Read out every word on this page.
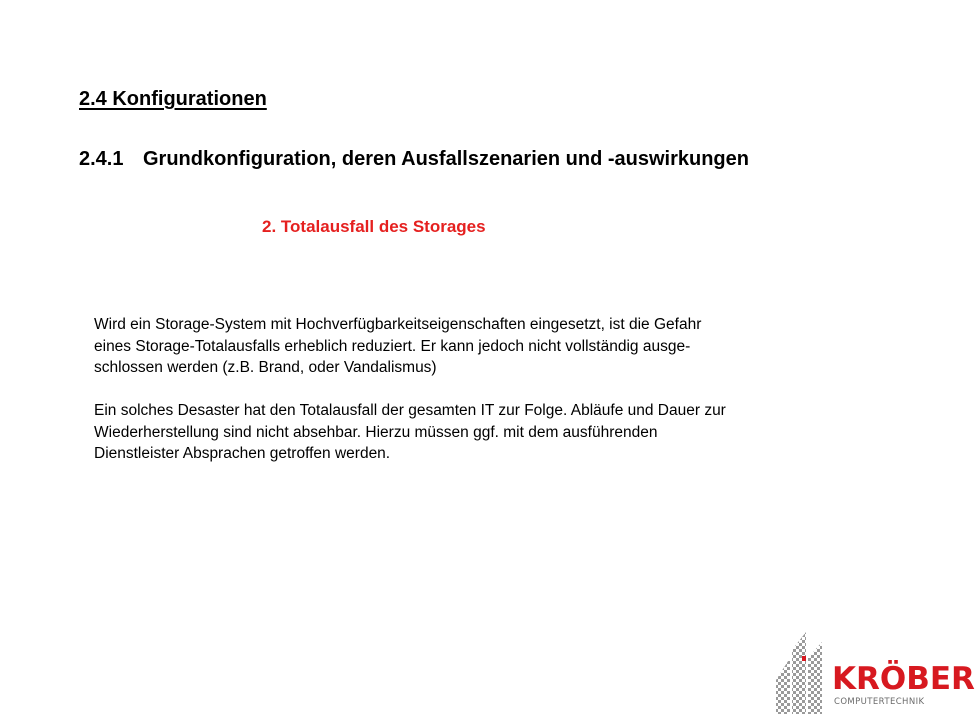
2.4 Konfigurationen
2.4.1 Grundkonfiguration, deren Ausfallszenarien und -auswirkungen
2. Totalausfall des Storages

Wird ein Storage-System mit Hochverfügbarkeitseigenschaften eingesetzt, ist die Gefahr
eines Storage-Totalausfalls erheblich reduziert. Er kann jedoch nicht vollständig ausge-
schlossen werden (z.B. Brand, oder Vandalismus)

Ein solches Desaster hat den Totalausfall der gesamten IT zur Folge. Abläufe und Dauer zur
Wiederherstellung sind nicht absehbar. Hierzu müssen ggf. mit dem ausführenden
Dienstleister Absprachen getroffen werden.

KRÖBER
COMPUTERTECHNIK
